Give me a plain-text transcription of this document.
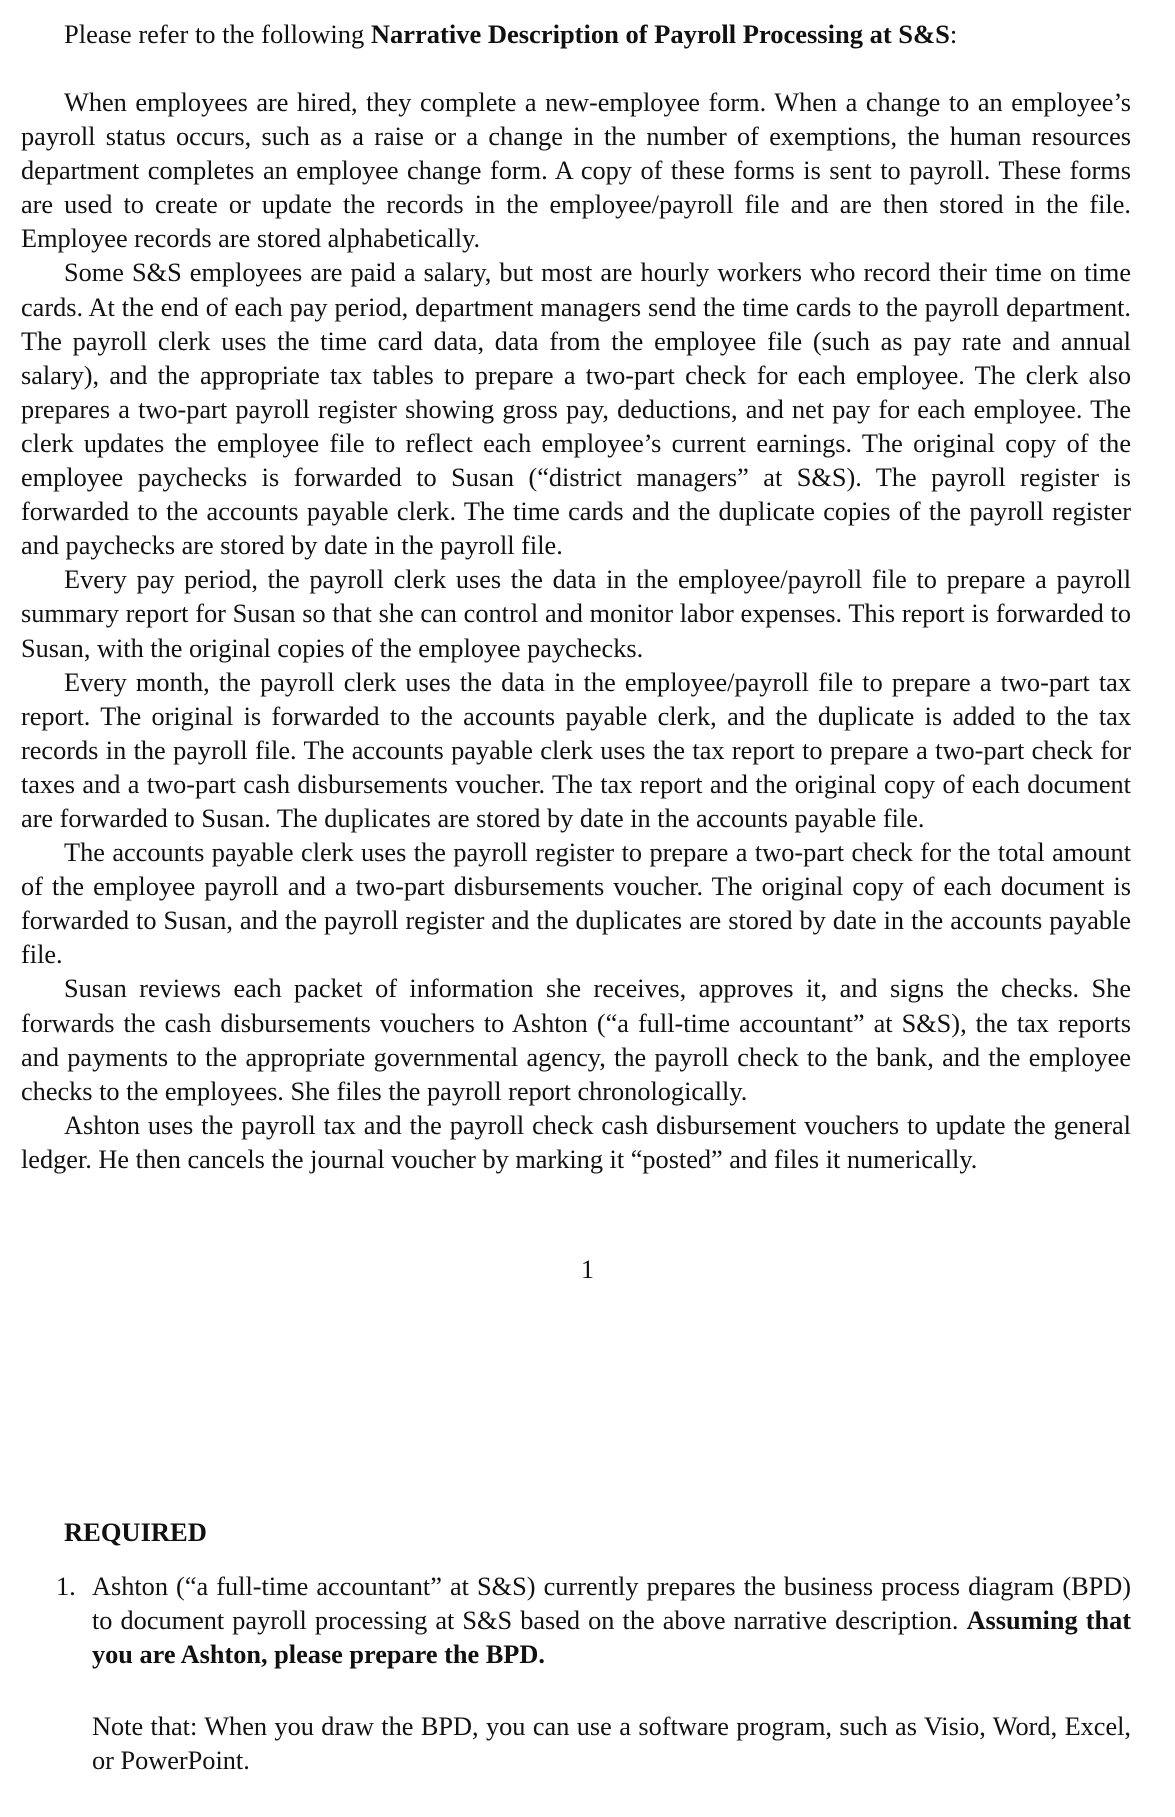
Please refer to the following Narrative Description of Payroll Processing at S&S:

When employees are hired, they complete a new-employee form. When a change to an employee’s payroll status occurs, such as a raise or a change in the number of exemptions, the human resources department completes an employee change form. A copy of these forms is sent to payroll. These forms are used to create or update the records in the employee/payroll file and are then stored in the file. Employee records are stored alphabetically.

Some S&S employees are paid a salary, but most are hourly workers who record their time on time cards. At the end of each pay period, department managers send the time cards to the payroll department. The payroll clerk uses the time card data, data from the employee file (such as pay rate and annual salary), and the appropriate tax tables to prepare a two-part check for each employee. The clerk also prepares a two-part payroll register showing gross pay, deductions, and net pay for each employee. The clerk updates the employee file to reflect each employee’s current earnings. The original copy of the employee paychecks is forwarded to Susan (“district managers” at S&S). The payroll register is forwarded to the accounts payable clerk. The time cards and the duplicate copies of the payroll register and paychecks are stored by date in the payroll file.

Every pay period, the payroll clerk uses the data in the employee/payroll file to prepare a payroll summary report for Susan so that she can control and monitor labor expenses. This report is forwarded to Susan, with the original copies of the employee paychecks.

Every month, the payroll clerk uses the data in the employee/payroll file to prepare a two-part tax report. The original is forwarded to the accounts payable clerk, and the duplicate is added to the tax records in the payroll file. The accounts payable clerk uses the tax report to prepare a two-part check for taxes and a two-part cash disbursements voucher. The tax report and the original copy of each document are forwarded to Susan. The duplicates are stored by date in the accounts payable file.

The accounts payable clerk uses the payroll register to prepare a two-part check for the total amount of the employee payroll and a two-part disbursements voucher. The original copy of each document is forwarded to Susan, and the payroll register and the duplicates are stored by date in the accounts payable file.

Susan reviews each packet of information she receives, approves it, and signs the checks. She forwards the cash disbursements vouchers to Ashton (“a full-time accountant” at S&S), the tax reports and payments to the appropriate governmental agency, the payroll check to the bank, and the employee checks to the employees. She files the payroll report chronologically.

Ashton uses the payroll tax and the payroll check cash disbursement vouchers to update the general ledger. He then cancels the journal voucher by marking it “posted” and files it numerically.

1
REQUIRED
1. Ashton (“a full-time accountant” at S&S) currently prepares the business process diagram (BPD) to document payroll processing at S&S based on the above narrative description. Assuming that you are Ashton, please prepare the BPD.
Note that: When you draw the BPD, you can use a software program, such as Visio, Word, Excel, or PowerPoint.
